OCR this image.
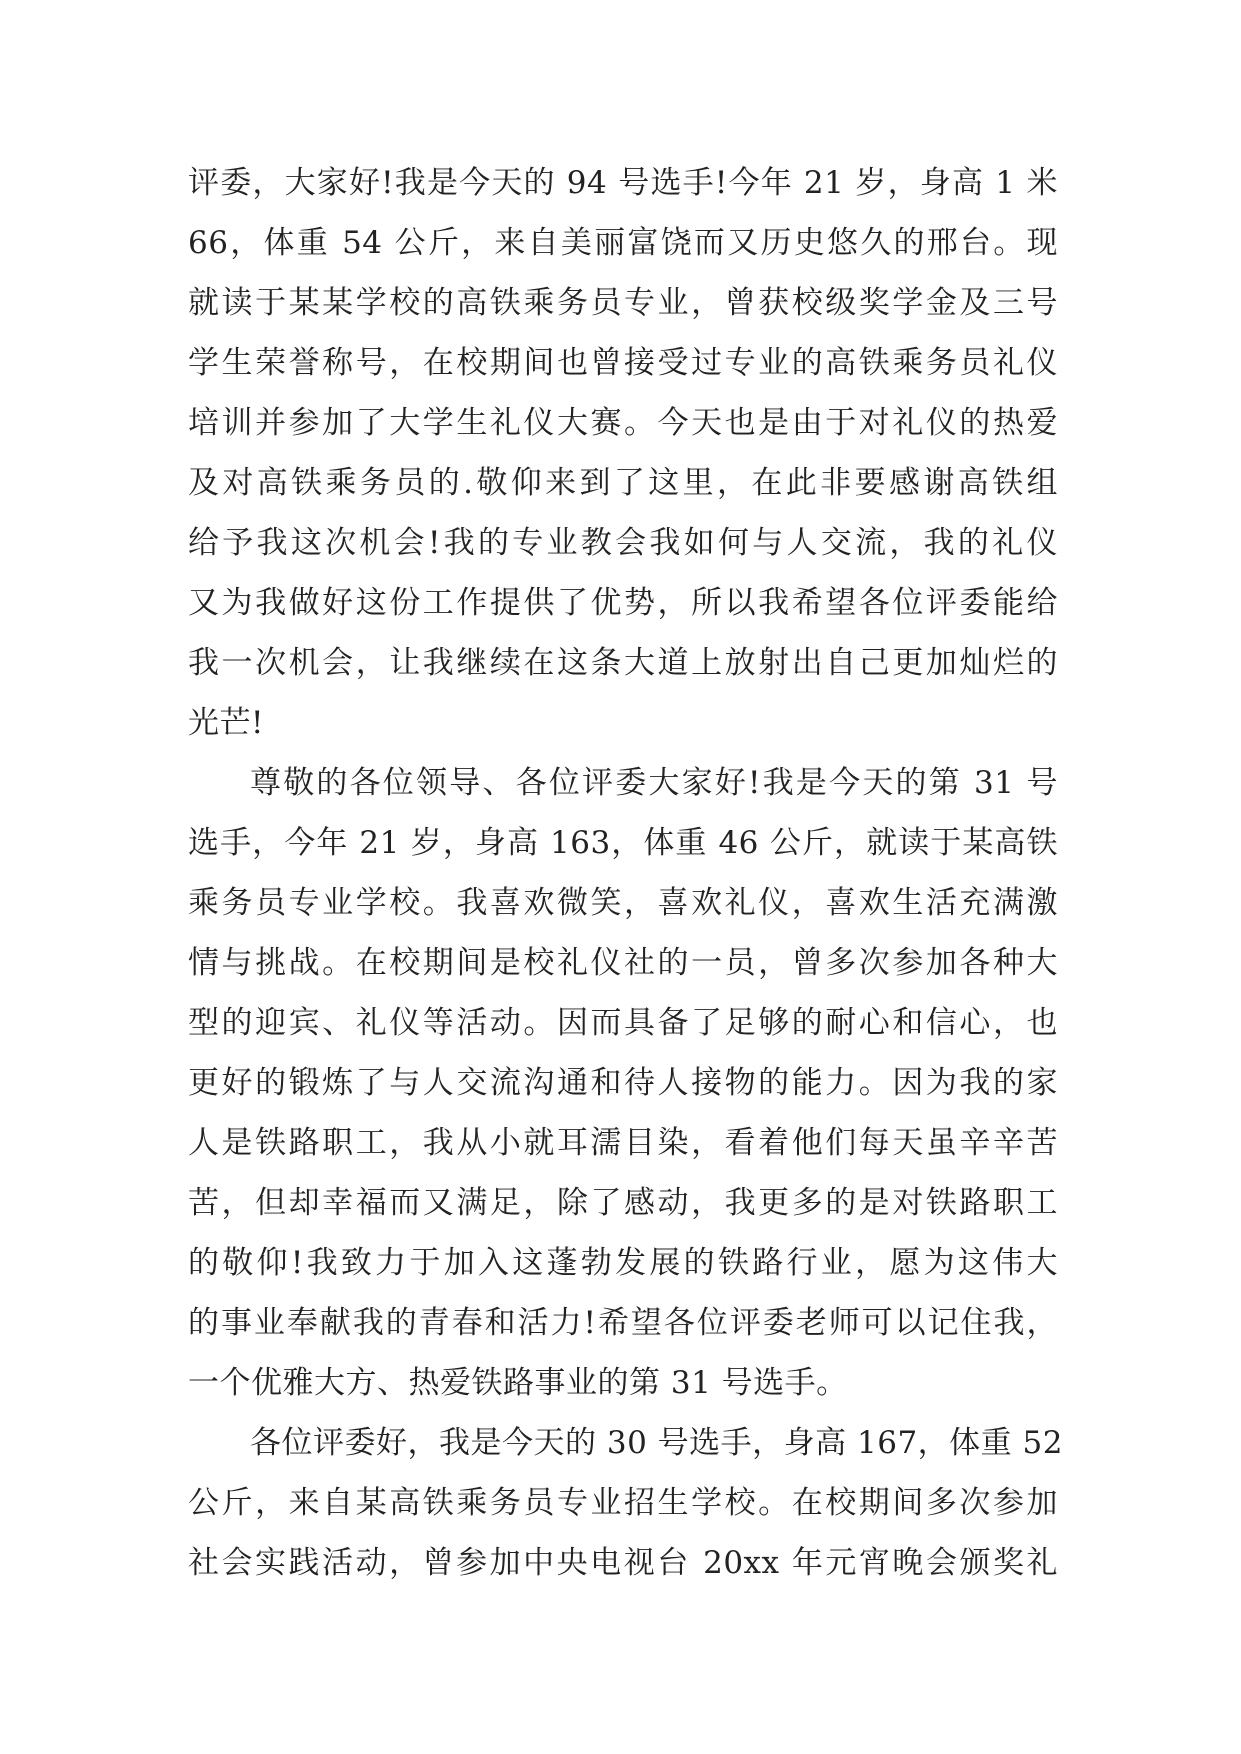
评委，大家好!我是今天的 94 号选手!今年 21 岁，身高 1 米
66，体重 54 公斤，来自美丽富饶而又历史悠久的邢台。现
就读于某某学校的高铁乘务员专业，曾获校级奖学金及三号
学生荣誉称号，在校期间也曾接受过专业的高铁乘务员礼仪
培训并参加了大学生礼仪大赛。今天也是由于对礼仪的热爱
及对高铁乘务员的.敬仰来到了这里，在此非要感谢高铁组
给予我这次机会!我的专业教会我如何与人交流，我的礼仪
又为我做好这份工作提供了优势，所以我希望各位评委能给
我一次机会，让我继续在这条大道上放射出自己更加灿烂的
光芒!
尊敬的各位领导、各位评委大家好!我是今天的第 31 号
选手，今年 21 岁，身高 163，体重 46 公斤，就读于某高铁
乘务员专业学校。我喜欢微笑，喜欢礼仪，喜欢生活充满激
情与挑战。在校期间是校礼仪社的一员，曾多次参加各种大
型的迎宾、礼仪等活动。因而具备了足够的耐心和信心，也
更好的锻炼了与人交流沟通和待人接物的能力。因为我的家
人是铁路职工，我从小就耳濡目染，看着他们每天虽辛辛苦
苦，但却幸福而又满足，除了感动，我更多的是对铁路职工
的敬仰!我致力于加入这蓬勃发展的铁路行业，愿为这伟大
的事业奉献我的青春和活力!希望各位评委老师可以记住我，
一个优雅大方、热爱铁路事业的第 31 号选手。
各位评委好，我是今天的 30 号选手，身高 167，体重 52
公斤，来自某高铁乘务员专业招生学校。在校期间多次参加
社会实践活动，曾参加中央电视台 20xx 年元宵晚会颁奖礼
